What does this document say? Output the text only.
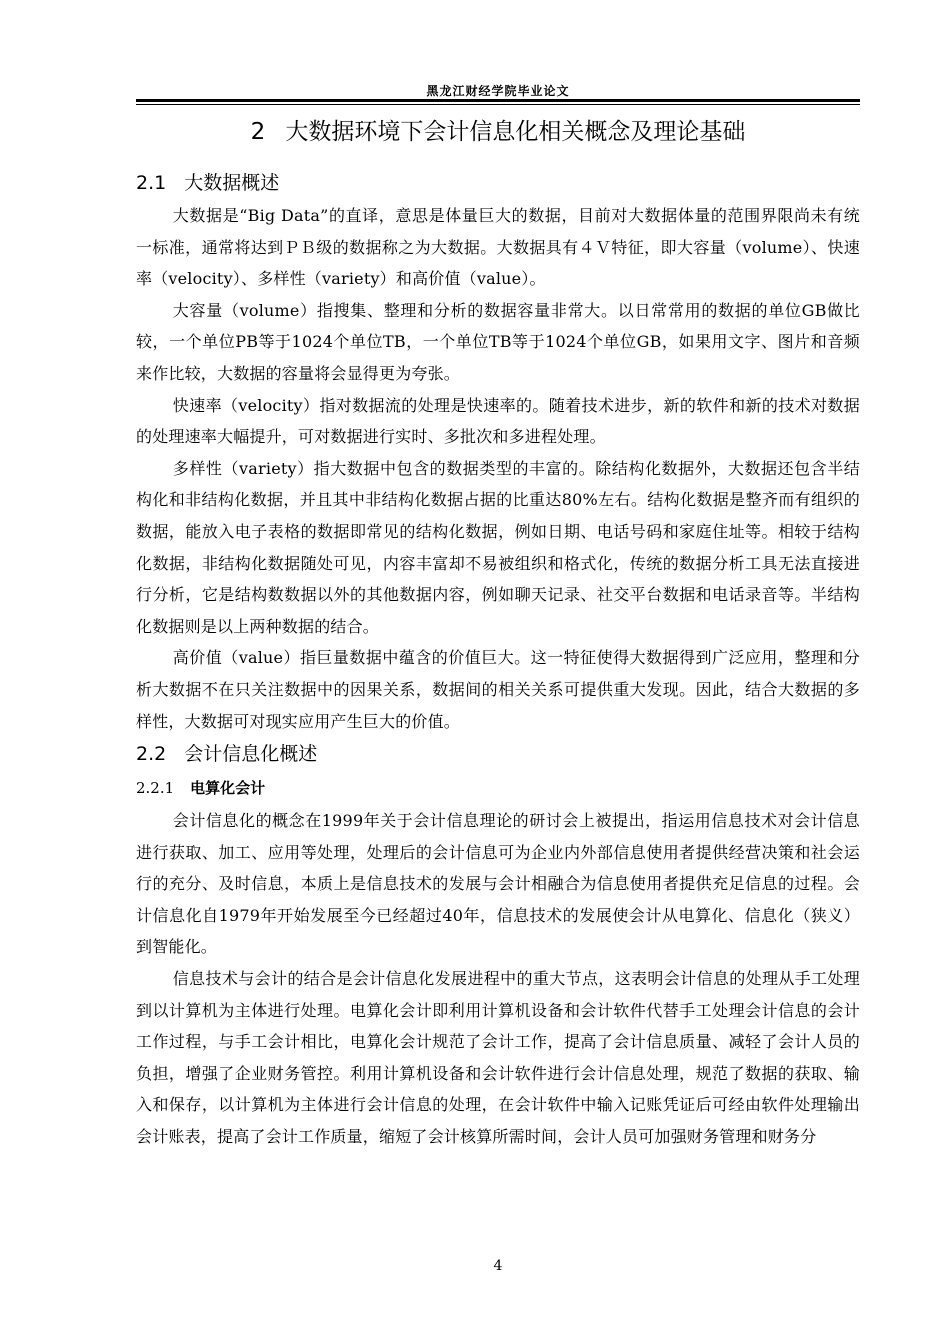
黑龙江财经学院毕业论文
2 大数据环境下会计信息化相关概念及理论基础
2.1 大数据概述

大数据是“Big Data”的直译，意思是体量巨大的数据，目前对大数据体量的范围界限尚未有统一标准，通常将达到ＰＢ级的数据称之为大数据。大数据具有４Ｖ特征，即大容量（volume）、快速率（velocity）、多样性（variety）和高价值（value）。

大容量（volume）指搜集、整理和分析的数据容量非常大。以日常常用的数据的单位GB做比较，一个单位PB等于1024个单位TB，一个单位TB等于1024个单位GB，如果用文字、图片和音频来作比较，大数据的容量将会显得更为夸张。

快速率（velocity）指对数据流的处理是快速率的。随着技术进步，新的软件和新的技术对数据的处理速率大幅提升，可对数据进行实时、多批次和多进程处理。

多样性（variety）指大数据中包含的数据类型的丰富的。除结构化数据外，大数据还包含半结构化和非结构化数据，并且其中非结构化数据占据的比重达80%左右。结构化数据是整齐而有组织的数据，能放入电子表格的数据即常见的结构化数据，例如日期、电话号码和家庭住址等。相较于结构化数据，非结构化数据随处可见，内容丰富却不易被组织和格式化，传统的数据分析工具无法直接进行分析，它是结构数数据以外的其他数据内容，例如聊天记录、社交平台数据和电话录音等。半结构化数据则是以上两种数据的结合。

高价值（value）指巨量数据中蕴含的价值巨大。这一特征使得大数据得到广泛应用，整理和分析大数据不在只关注数据中的因果关系，数据间的相关关系可提供重大发现。因此，结合大数据的多样性，大数据可对现实应用产生巨大的价值。

2.2 会计信息化概述
2.2.1 电算化会计

会计信息化的概念在1999年关于会计信息理论的研讨会上被提出，指运用信息技术对会计信息进行获取、加工、应用等处理，处理后的会计信息可为企业内外部信息使用者提供经营决策和社会运行的充分、及时信息，本质上是信息技术的发展与会计相融合为信息使用者提供充足信息的过程。会计信息化自1979年开始发展至今已经超过40年，信息技术的发展使会计从电算化、信息化（狭义）到智能化。

信息技术与会计的结合是会计信息化发展进程中的重大节点，这表明会计信息的处理从手工处理到以计算机为主体进行处理。电算化会计即利用计算机设备和会计软件代替手工处理会计信息的会计工作过程，与手工会计相比，电算化会计规范了会计工作，提高了会计信息质量、减轻了会计人员的负担，增强了企业财务管控。利用计算机设备和会计软件进行会计信息处理，规范了数据的获取、输入和保存，以计算机为主体进行会计信息的处理，在会计软件中输入记账凭证后可经由软件处理输出会计账表，提高了会计工作质量，缩短了会计核算所需时间，会计人员可加强财务管理和财务分

4
